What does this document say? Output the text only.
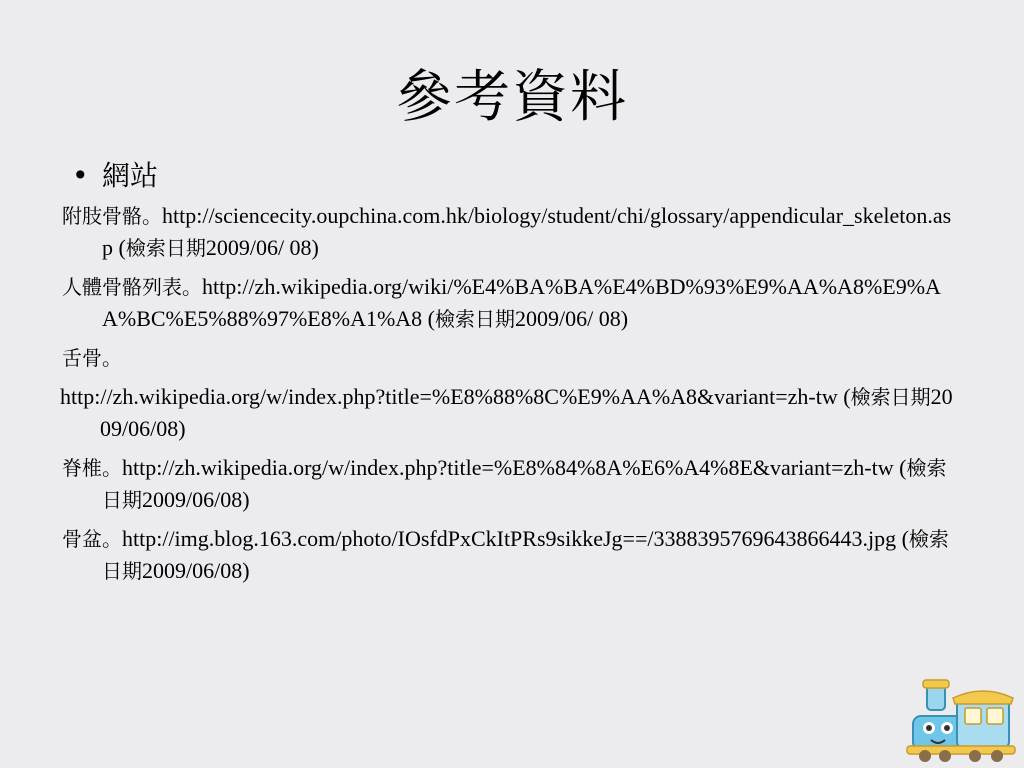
參考資料
• 網站
附肢骨骼。http://sciencecity.oupchina.com.hk/biology/student/chi/glossary/appendicular_skeleton.asp (檢索日期2009/06/ 08)
人體骨骼列表。http://zh.wikipedia.org/wiki/%E4%BA%BA%E4%BD%93%E9%AA%A8%E9%AA%BC%E5%88%97%E8%A1%A8 (檢索日期2009/06/ 08)
舌骨。
http://zh.wikipedia.org/w/index.php?title=%E8%88%8C%E9%AA%A8&variant=zh-tw (檢索日期2009/06/08)
脊椎。http://zh.wikipedia.org/w/index.php?title=%E8%84%8A%E6%A4%8E&variant=zh-tw (檢索日期2009/06/08)
骨盆。http://img.blog.163.com/photo/IOsfdPxCkItPRs9sikkeJg==/3388395769643866443.jpg (檢索日期2009/06/08)
